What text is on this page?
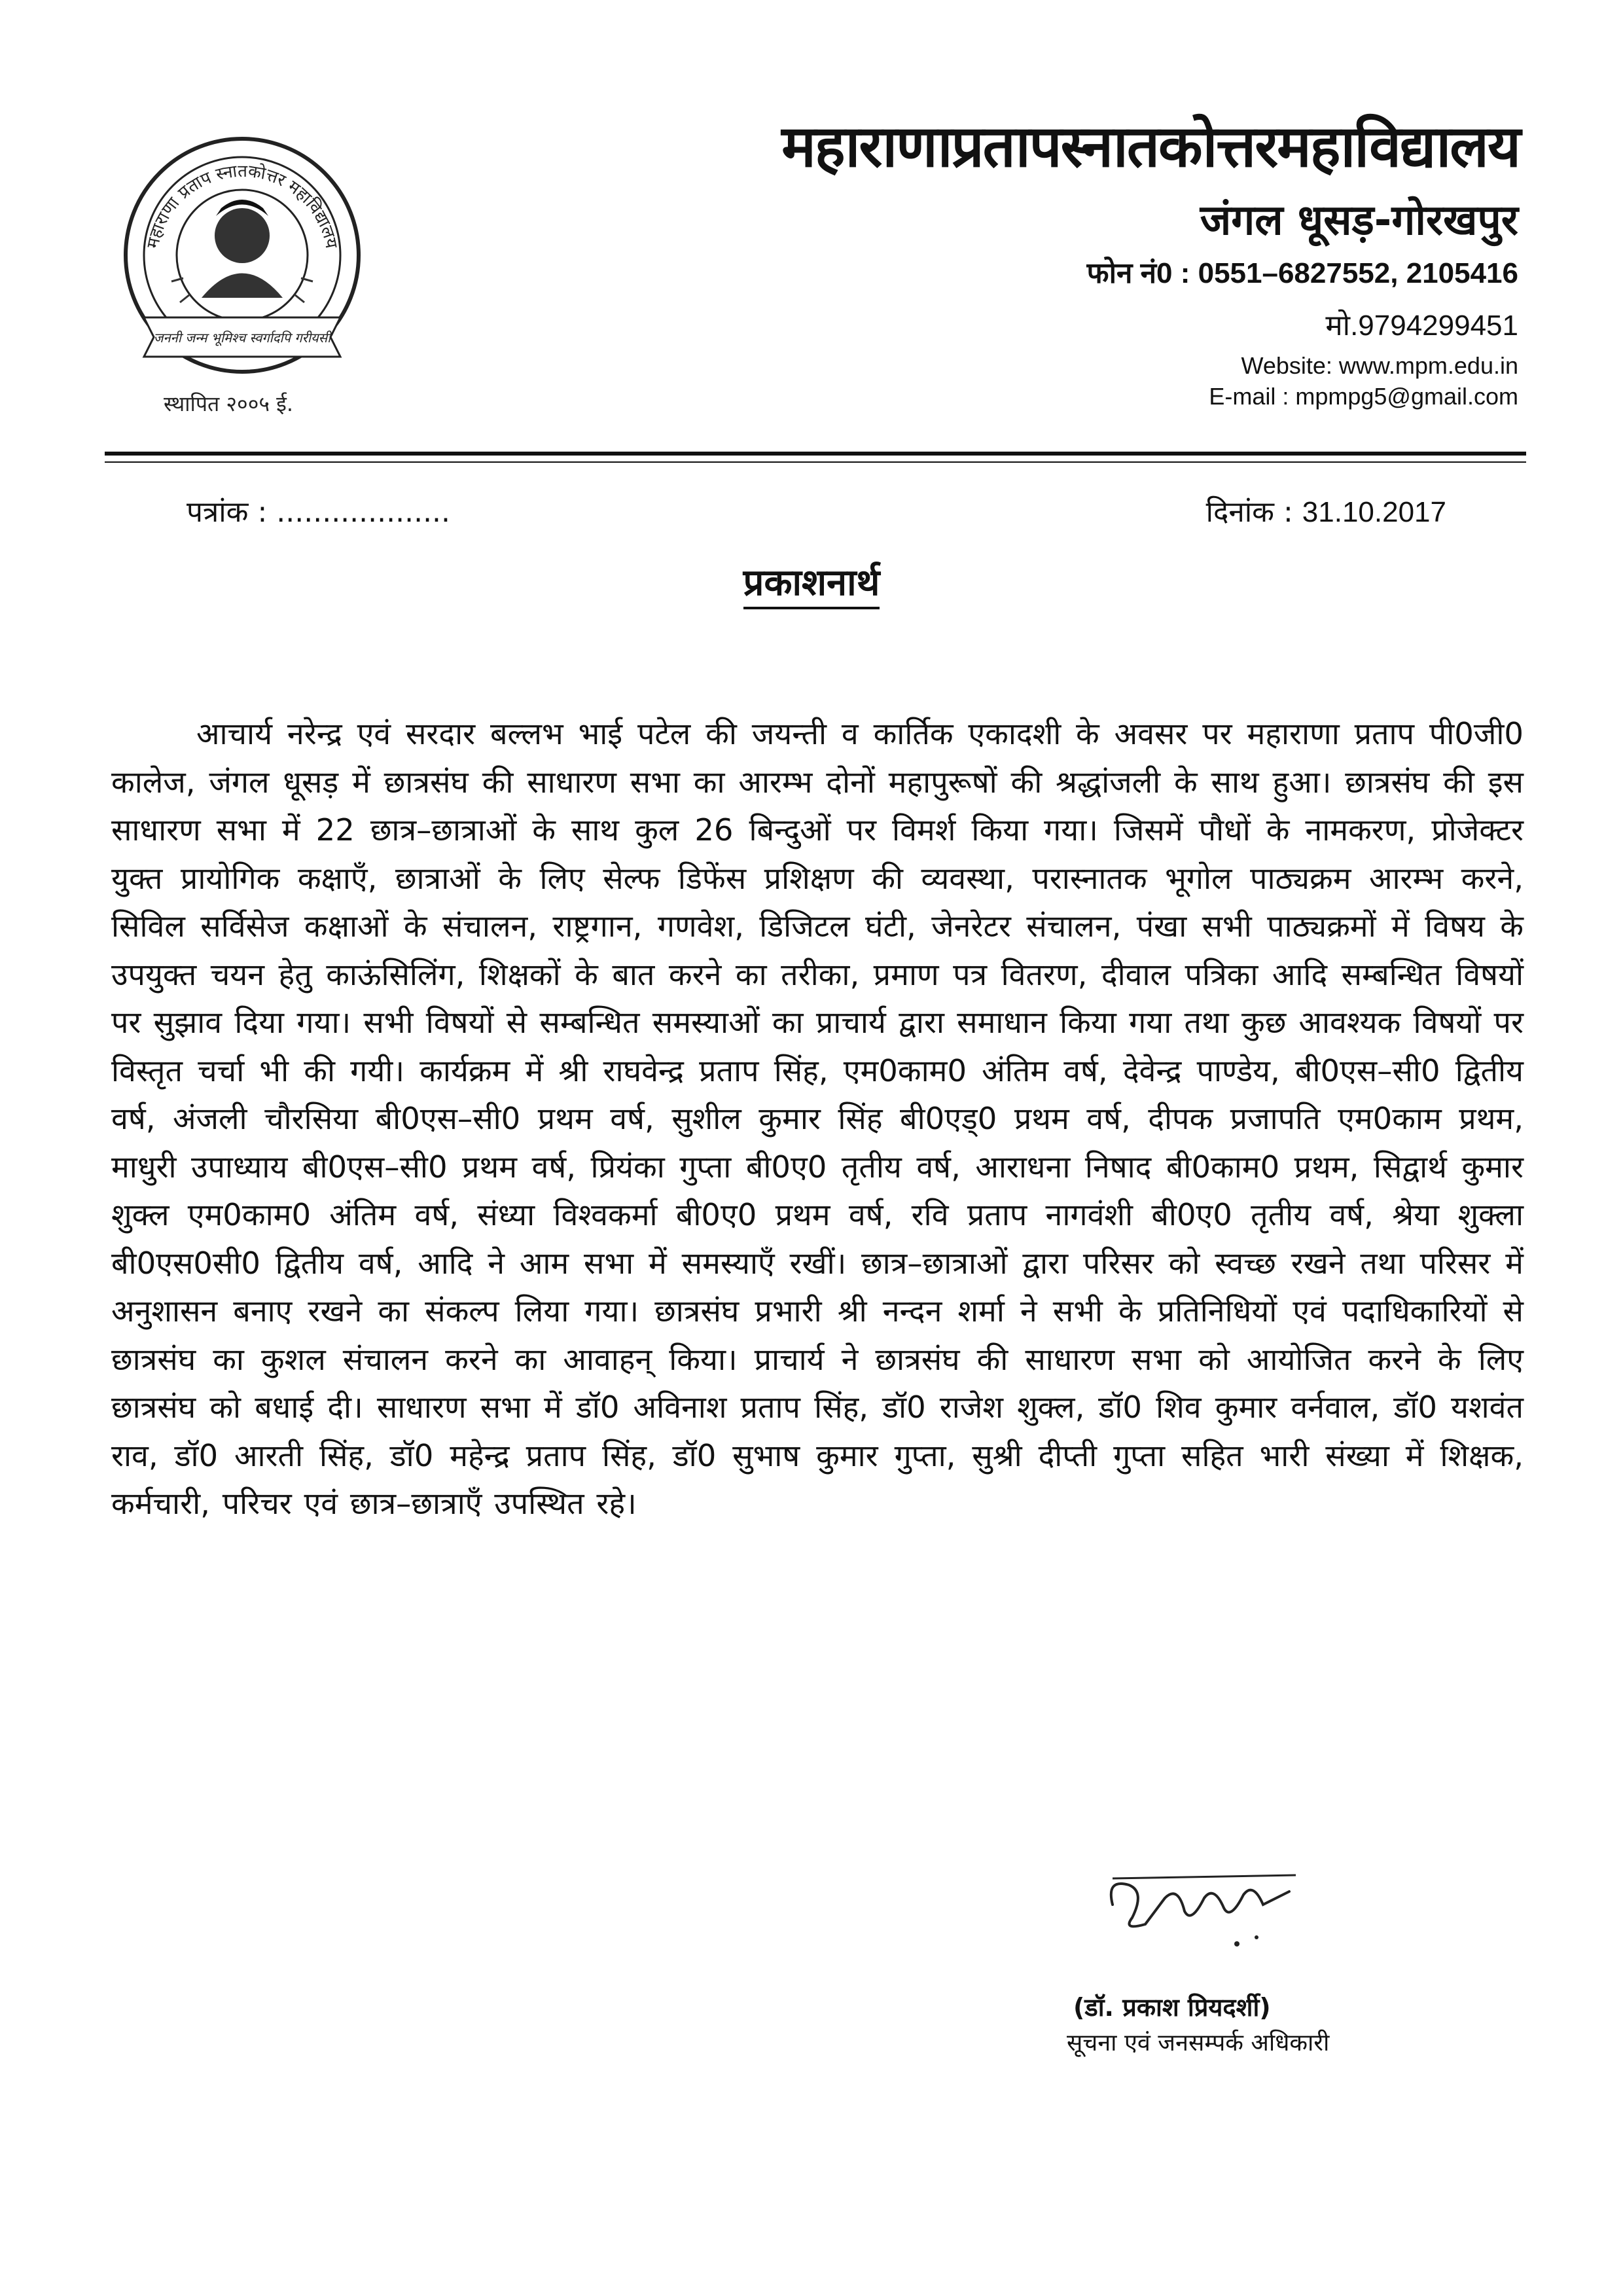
महाराणा प्रताप स्नातकोत्तर महाविद्यालय
जननी जन्म भूमिश्च स्वर्गादपि गरीयसी
स्थापित २००५ ई.
महाराणाप्रतापस्नातकोत्तरमहाविद्यालय
जंगल धूसड़-गोरखपुर
फोन नं0 : 0551–6827552, 2105416
मो.9794299451
Website: www.mpm.edu.in
E-mail : mpmpg5@gmail.com
पत्रांक : ...................	दिनांक : 31.10.2017
प्रकाशनार्थ
आचार्य नरेन्द्र एवं सरदार बल्लभ भाई पटेल की जयन्ती व कार्तिक एकादशी के अवसर पर महाराणा प्रताप पी0जी0 कालेज, जंगल धूसड़ में छात्रसंघ की साधारण सभा का आरम्भ दोनों महापुरूषों की श्रद्धांजली के साथ हुआ। छात्रसंघ की इस साधारण सभा में 22 छात्र–छात्राओं के साथ कुल 26 बिन्दुओं पर विमर्श किया गया। जिसमें पौधों के नामकरण, प्रोजेक्टर युक्त प्रायोगिक कक्षाएँ, छात्राओं के लिए सेल्फ डिफेंस प्रशिक्षण की व्यवस्था, परास्नातक भूगोल पाठ्यक्रम आरम्भ करने, सिविल सर्विसेज कक्षाओं के संचालन, राष्ट्रगान, गणवेश, डिजिटल घंटी, जेनरेटर संचालन, पंखा सभी पाठ्यक्रमों में विषय के उपयुक्त चयन हेतु काऊंसिलिंग, शिक्षकों के बात करने का तरीका, प्रमाण पत्र वितरण, दीवाल पत्रिका आदि सम्बन्धित विषयों पर सुझाव दिया गया। सभी विषयों से सम्बन्धित समस्याओं का प्राचार्य द्वारा समाधान किया गया तथा कुछ आवश्यक विषयों पर विस्तृत चर्चा भी की गयी। कार्यक्रम में श्री राघवेन्द्र प्रताप सिंह, एम0काम0 अंतिम वर्ष, देवेन्द्र पाण्डेय, बी0एस–सी0 द्वितीय वर्ष, अंजली चौरसिया बी0एस–सी0 प्रथम वर्ष, सुशील कुमार सिंह बी0एड्0 प्रथम वर्ष, दीपक प्रजापति एम0काम प्रथम, माधुरी उपाध्याय बी0एस–सी0 प्रथम वर्ष, प्रियंका गुप्ता बी0ए0 तृतीय वर्ष, आराधना निषाद बी0काम0 प्रथम, सिद्वार्थ कुमार शुक्ल एम0काम0 अंतिम वर्ष, संध्या विश्वकर्मा बी0ए0 प्रथम वर्ष, रवि प्रताप नागवंशी बी0ए0 तृतीय वर्ष, श्रेया शुक्ला बी0एस0सी0 द्वितीय वर्ष, आदि ने आम सभा में समस्याएँ रखीं। छात्र–छात्राओं द्वारा परिसर को स्वच्छ रखने तथा परिसर में अनुशासन बनाए रखने का संकल्प लिया गया। छात्रसंघ प्रभारी श्री नन्दन शर्मा ने सभी के प्रतिनिधियों एवं पदाधिकारियों से छात्रसंघ का कुशल संचालन करने का आवाहन् किया। प्राचार्य ने छात्रसंघ की साधारण सभा को आयोजित करने के लिए छात्रसंघ को बधाई दी। साधारण सभा में डॉ0 अविनाश प्रताप सिंह, डॉ0 राजेश शुक्ल, डॉ0 शिव कुमार वर्नवाल, डॉ0 यशवंत राव, डॉ0 आरती सिंह, डॉ0 महेन्द्र प्रताप सिंह, डॉ0 सुभाष कुमार गुप्ता, सुश्री दीप्ती गुप्ता सहित भारी संख्या में शिक्षक, कर्मचारी, परिचर एवं छात्र–छात्राएँ उपस्थित रहे।
(डॉ. प्रकाश प्रियदर्शी)
सूचना एवं जनसम्पर्क अधिकारी
